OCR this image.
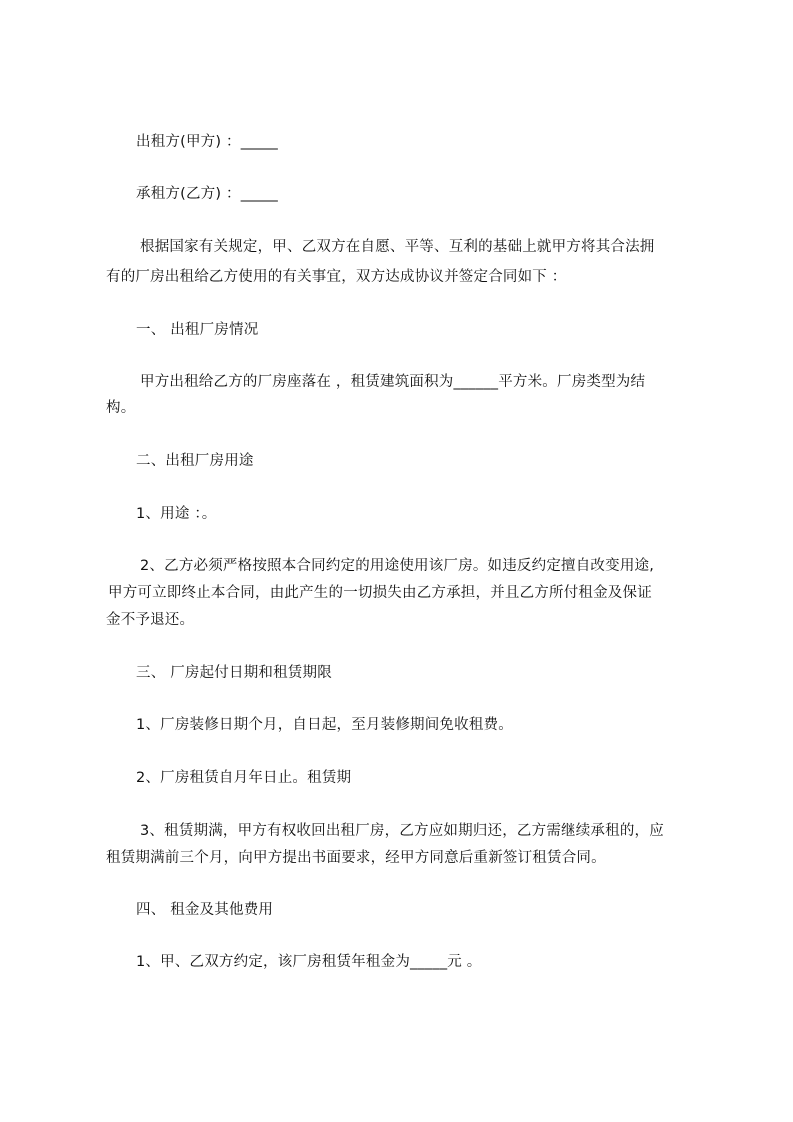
出租方(甲方) ：_____
承租方(乙方) ：_____
根据国家有关规定，甲、乙双方在自愿、平等、互利的基础上就甲方将其合法拥
有的厂房出租给乙方使用的有关事宜，双方达成协议并签定合同如下 ：
一、 出租厂房情况
甲方出租给乙方的厂房座落在 ，租赁建筑面积为______平方米。厂房类型为结
构。
二、出租厂房用途
1、用途 ：。
2、乙方必须严格按照本合同约定的用途使用该厂房。如违反约定擅自改变用途,
甲方可立即终止本合同，由此产生的一切损失由乙方承担，并且乙方所付租金及保证
金不予退还。
三、 厂房起付日期和租赁期限
1、厂房装修日期个月，自日起，至月装修期间免收租费。
2、厂房租赁自月年日止。租赁期
3、租赁期满，甲方有权收回出租厂房，乙方应如期归还，乙方需继续承租的，应
租赁期满前三个月，向甲方提出书面要求，经甲方同意后重新签订租赁合同。
四、 租金及其他费用
1、甲、乙双方约定，该厂房租赁年租金为_____元 。
